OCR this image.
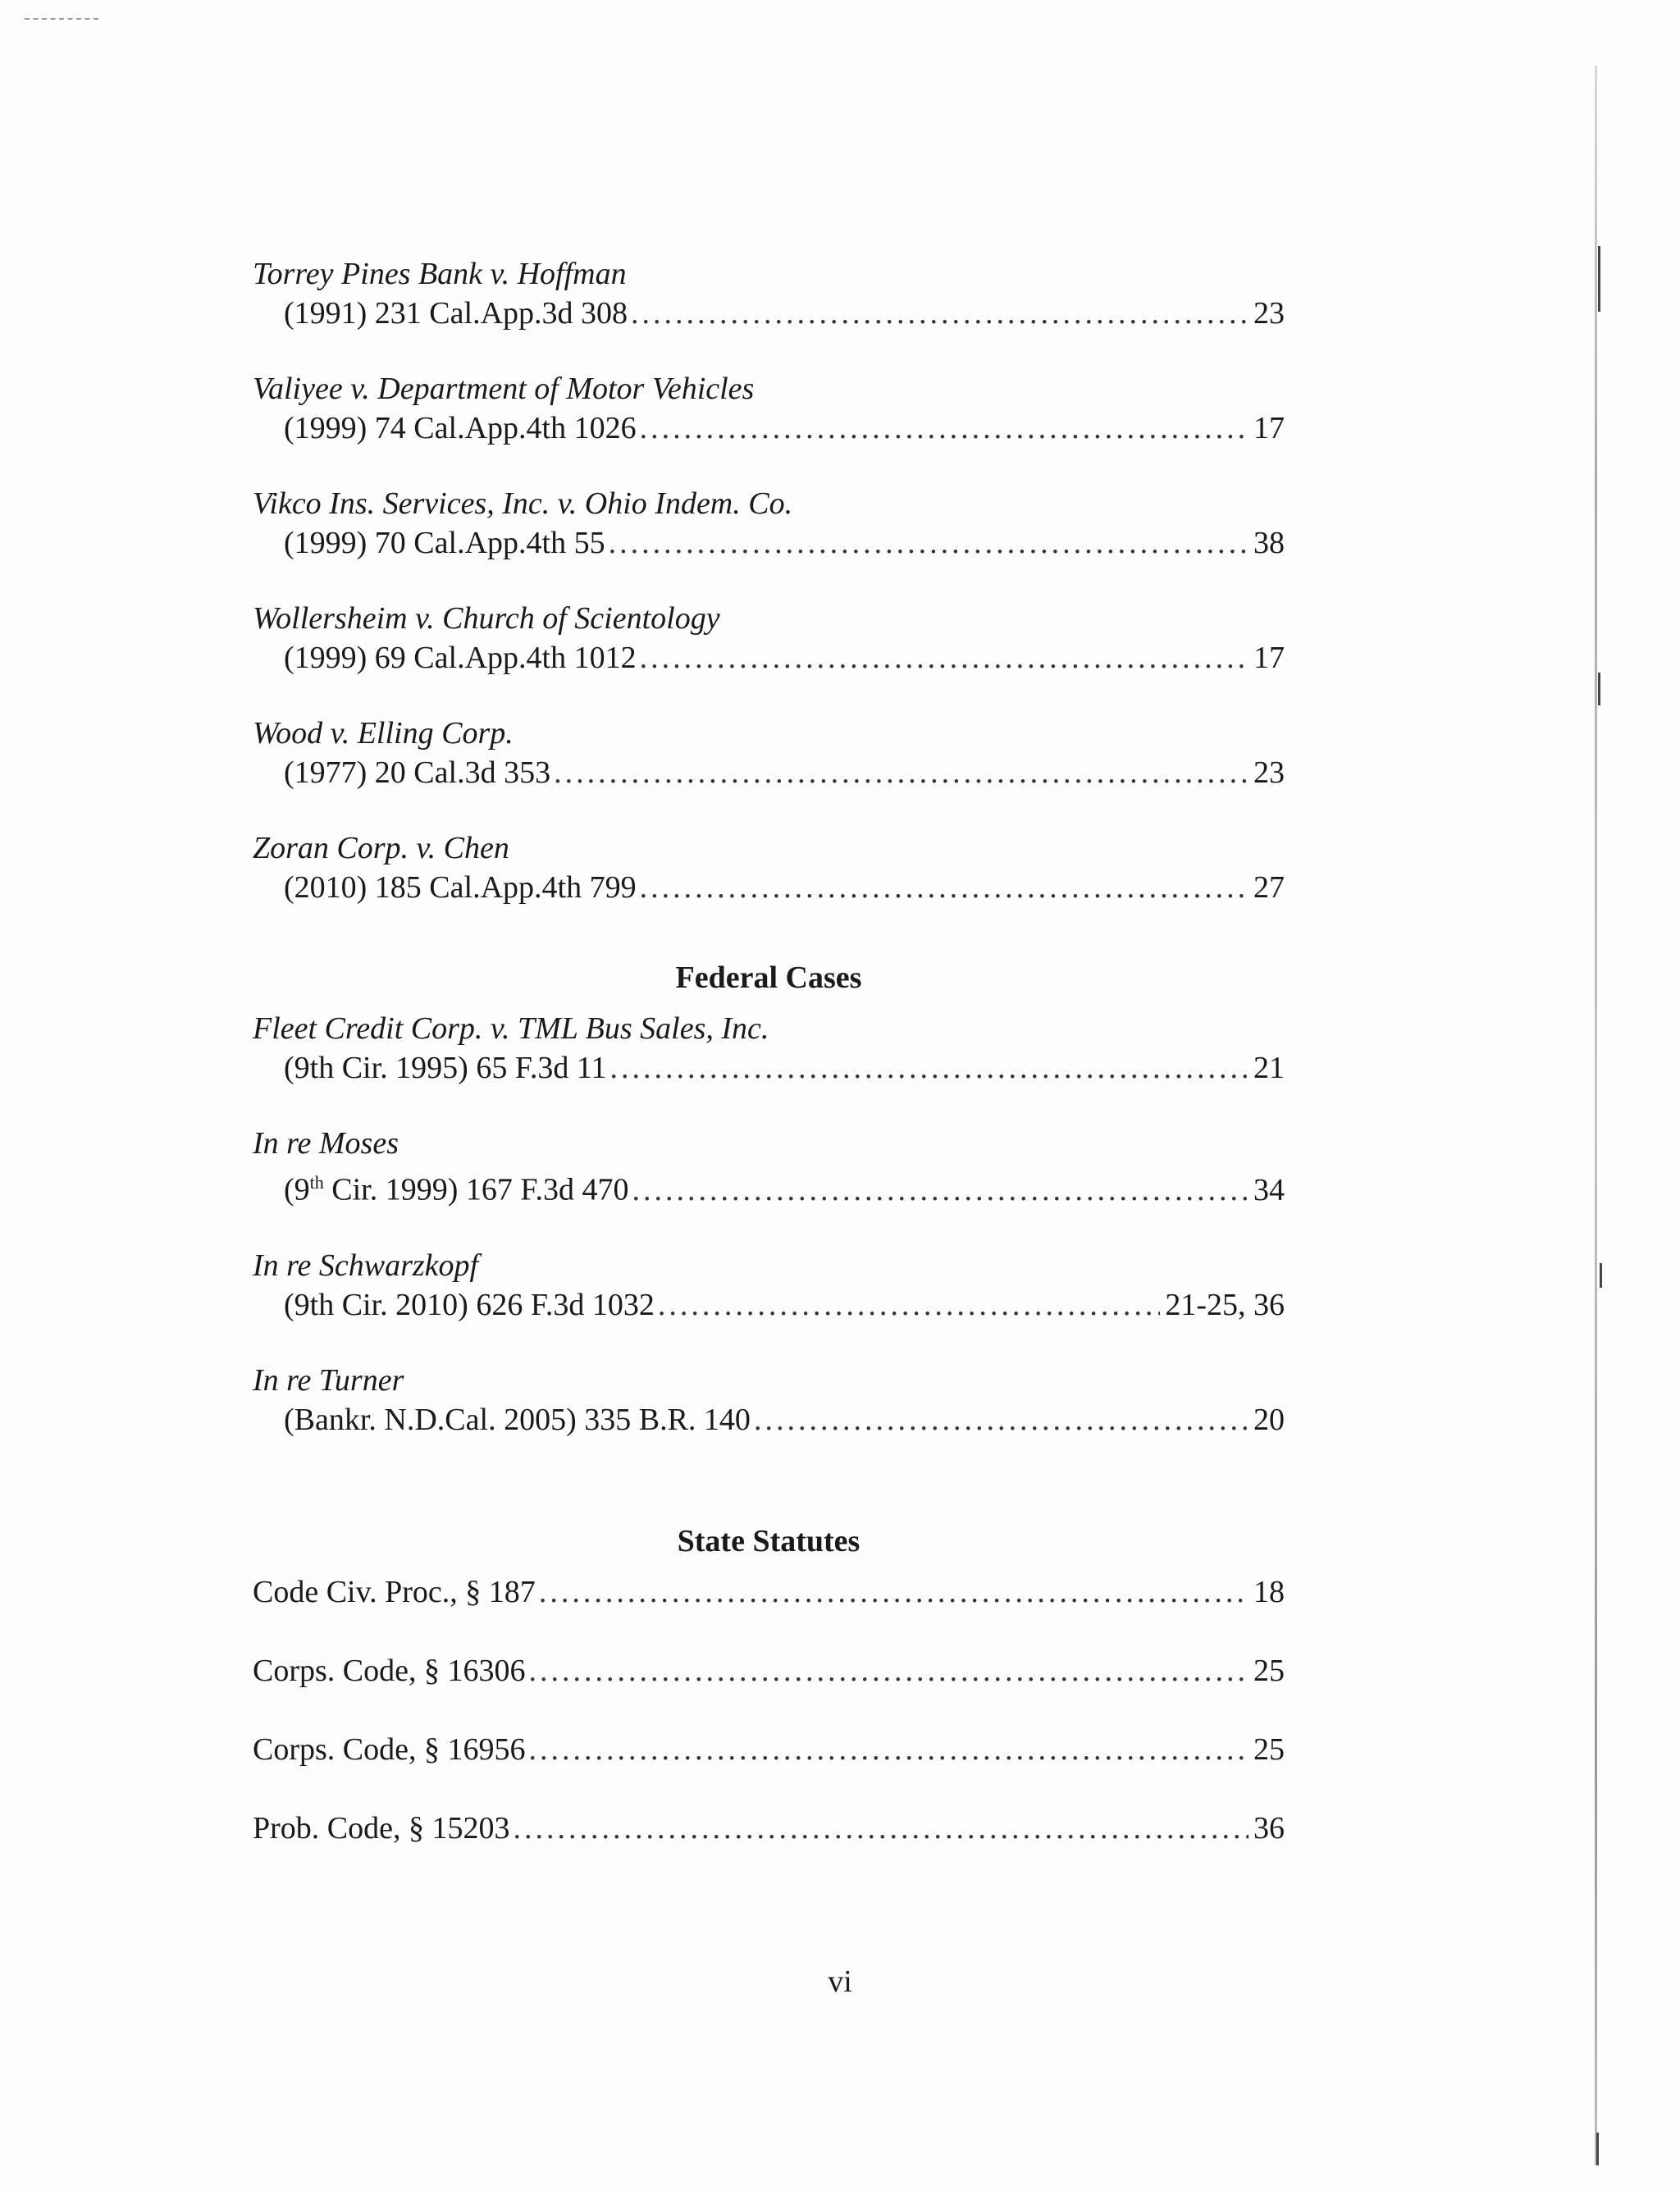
Torrey Pines Bank v. Hoffman
(1991) 231 Cal.App.3d 308 .....	23
Valiyee v. Department of Motor Vehicles
(1999) 74 Cal.App.4th 1026 .....	17
Vikco Ins. Services, Inc. v. Ohio Indem. Co.
(1999) 70 Cal.App.4th 55 .....	38
Wollersheim v. Church of Scientology
(1999) 69 Cal.App.4th 1012 .....	17
Wood v. Elling Corp.
(1977) 20 Cal.3d 353 .....	23
Zoran Corp. v. Chen
(2010) 185 Cal.App.4th 799 .....	27
Federal Cases
Fleet Credit Corp. v. TML Bus Sales, Inc.
(9th Cir. 1995) 65 F.3d 11 .....	21
In re Moses
(9th Cir. 1999) 167 F.3d 470 .....	34
In re Schwarzkopf
(9th Cir. 2010) 626 F.3d 1032 .....	21-25, 36
In re Turner
(Bankr. N.D.Cal. 2005) 335 B.R. 140 .....	20
State Statutes
Code Civ. Proc., § 187 .....	18
Corps. Code, § 16306 .....	25
Corps. Code, § 16956 .....	25
Prob. Code, § 15203 .....	36
vi
